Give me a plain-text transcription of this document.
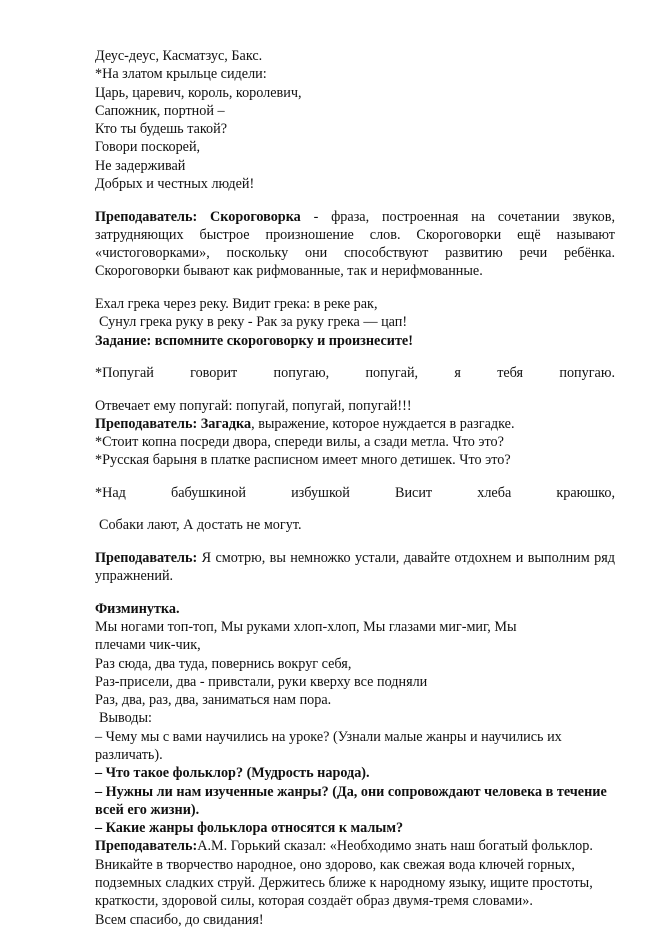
Деус-деус, Касматзус, Бакс.

*На златом крыльце сидели:

Царь, царевич, король, королевич,

Сапожник, портной –

Кто ты будешь такой?

Говори поскорей,

Не задерживай

Добрых и честных людей!

Преподаватель: Скороговорка - фраза, построенная на сочетании звуков, затрудняющих быстрое произношение слов. Скороговорки ещё называют «чистоговорками», поскольку они способствуют развитию речи ребёнка. Скороговорки бывают как рифмованные, так и нерифмованные.

Ехал грека через реку. Видит грека: в реке рак,

Сунул грека руку в реку - Рак за руку грека — цап!

Задание: вспомните скороговорку и произнесите!

*Попугай говорит попугаю, попугай, я тебя попугаю.

Отвечает ему попугай: попугай, попугай, попугай!!!

Преподаватель: Загадка, выражение, которое нуждается в разгадке.

*Стоит копна посреди двора, спереди вилы, а сзади метла. Что это?

*Русская барыня в платке расписном имеет много детишек. Что это?

*Над бабушкиной избушкой Висит хлеба краюшко,

Собаки лают, А достать не могут.

Преподаватель: Я смотрю, вы немножко устали, давайте отдохнем и выполним ряд упражнений.

Физминутка.

Мы ногами топ-топ, Мы руками хлоп-хлоп, Мы глазами миг-миг, Мы

плечами чик-чик,

Раз сюда, два туда, повернись вокруг себя,

Раз-присели, два - привстали, руки кверху все подняли

Раз, два, раз, два, заниматься нам пора.

Выводы:

– Чему мы с вами научились на уроке? (Узнали малые жанры и научились их различать).

– Что такое фольклор? (Мудрость народа).

– Нужны ли нам изученные жанры? (Да, они сопровождают человека в течение всей его жизни).

– Какие жанры фольклора относятся к малым?

Преподаватель:А.М. Горький сказал: «Необходимо знать наш богатый фольклор. Вникайте в творчество народное, оно здорово, как свежая вода ключей горных, подземных сладких струй. Держитесь ближе к народному языку, ищите простоты, краткости, здоровой силы, которая создаёт образ двумя-тремя словами».

Всем спасибо, до свидания!
